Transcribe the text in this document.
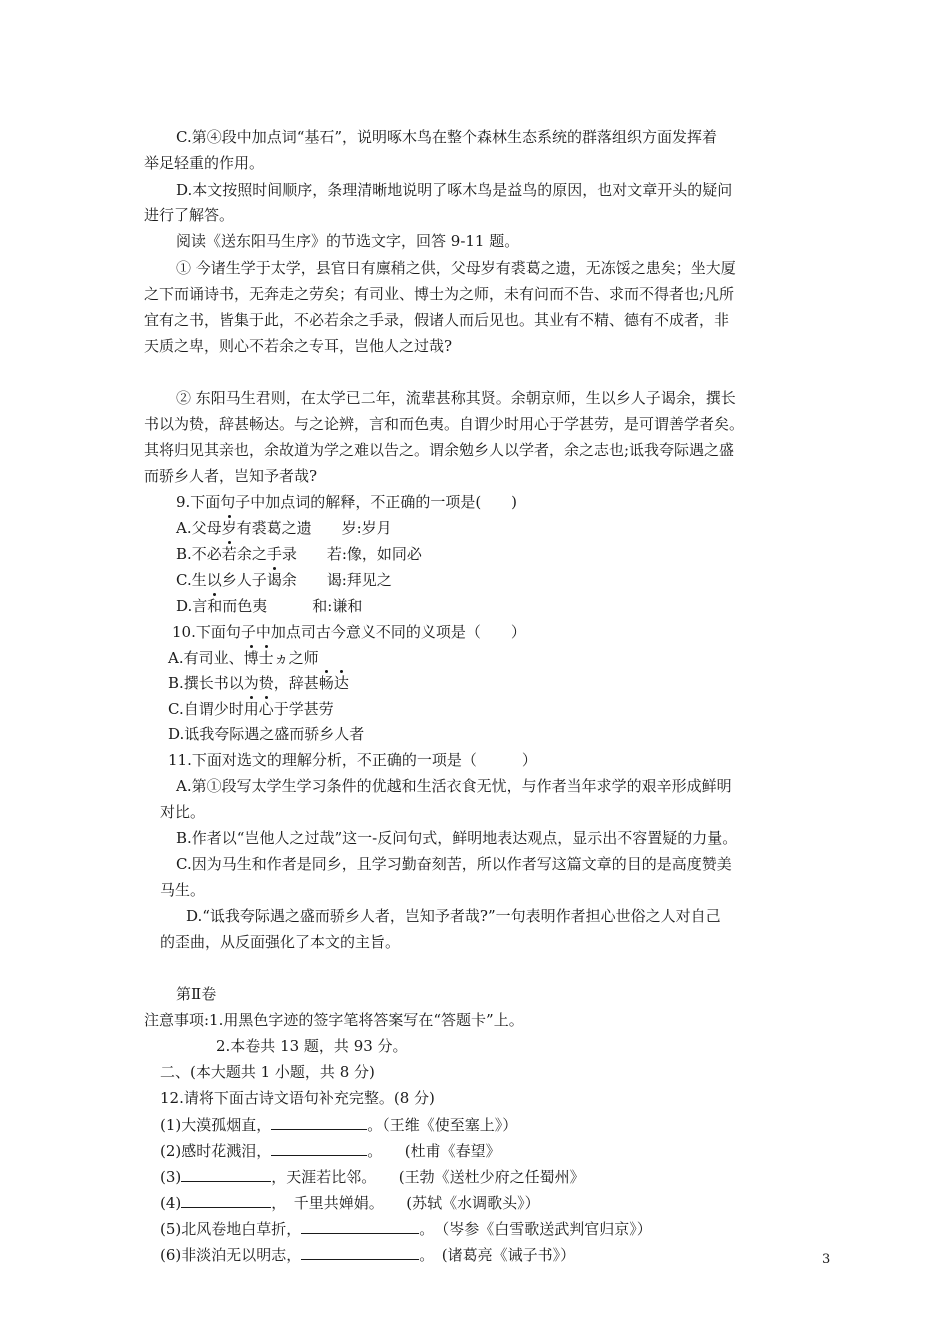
C.第④段中加点词“基石”，说明啄木鸟在整个森林生态系统的群落组织方面发挥着
举足轻重的作用。
D.本文按照时间顺序，条理清晰地说明了啄木鸟是益鸟的原因，也对文章开头的疑问
进行了解答。
阅读《送东阳马生序》的节选文字，回答 9-11 题。
① 今诸生学于太学，县官日有廪稍之供，父母岁有裘葛之遗，无冻馁之患矣；坐大厦
之下而诵诗书，无奔走之劳矣；有司业、博士为之师，未有问而不告、求而不得者也;凡所
宜有之书，皆集于此，不必若余之手录，假诸人而后见也。其业有不精、德有不成者，非
天质之卑，则心不若余之专耳，岂他人之过哉?
② 东阳马生君则，在太学已二年，流辈甚称其贤。余朝京师，生以乡人子谒余，撰长
书以为贽，辞甚畅达。与之论辨，言和而色夷。自谓少时用心于学甚劳，是可谓善学者矣。
其将归见其亲也，余故道为学之难以告之。谓余勉乡人以学者，余之志也;诋我夸际遇之盛
而骄乡人者，岂知予者哉?
9.下面句子中加点词的解释，不正确的一项是(　　)
A.父母岁有裘葛之遗　　岁:岁月
B.不必若余之手录　　若:像，如同必
C.生以乡人子谒余　　谒:拜见之
D.言和而色夷　　　和:谦和
10.下面句子中加点司古今意义不同的义项是（　　）
A.有司业、博士ヵ之师
B.撰长书以为贽，辞甚畅达
C.自谓少时用心于学甚劳
D.诋我夸际遇之盛而骄乡人者
11.下面对选文的理解分析，不正确的一项是（　　　）
A.第①段写太学生学习条件的优越和生活衣食无忧，与作者当年求学的艰辛形成鲜明
对比。
B.作者以“岂他人之过哉”这一-反问句式，鲜明地表达观点，显示出不容置疑的力量。
C.因为马生和作者是同乡，且学习勤奋刻苦，所以作者写这篇文章的目的是高度赞美
马生。
D.“诋我夸际遇之盛而骄乡人者，岂知予者哉?”一句表明作者担心世俗之人对自己
的歪曲，从反面强化了本文的主旨。
第Ⅱ卷
注意事项:1.用黑色字迹的签字笔将答案写在“答题卡”上。
2.本卷共 13 题，共 93 分。
二、(本大题共 1 小题，共 8 分)
12.请将下面古诗文语句补充完整。(8 分)
(1)大漠孤烟直，	。（王维《使至塞上》）
(2)感时花溅泪，	。　　(杜甫《春望》
(3)	，天涯若比邻。　　(王勃《送杜少府之任蜀州》
(4)	，　千里共婵娟。　　(苏轼《水调歌头》）
(5)北风卷地白草折，	。　（岑参《白雪歌送武判官归京》）
(6)非淡泊无以明志，	。　(诸葛亮《诫子书》）	3
